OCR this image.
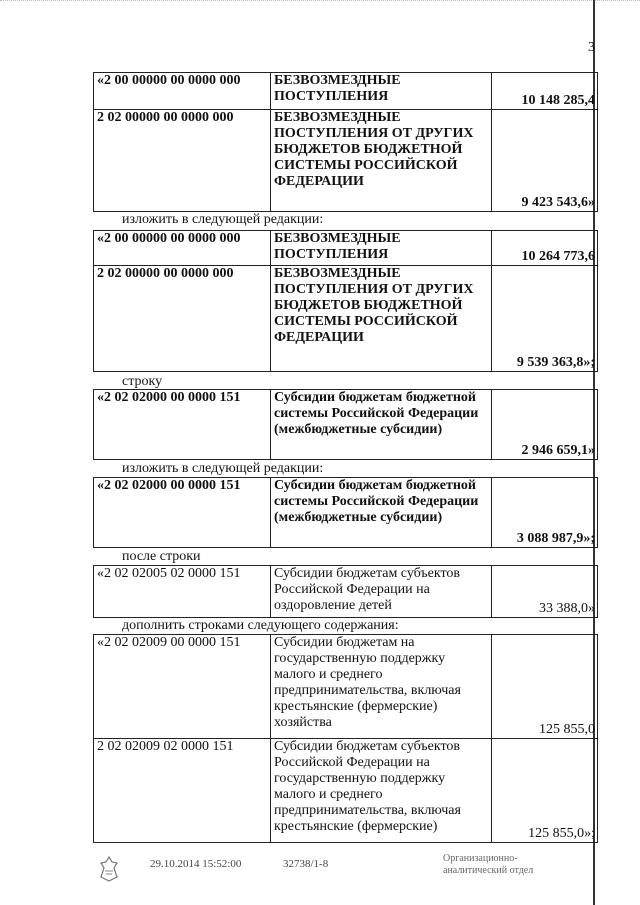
3
«2 00 00000 00 0000 000	БЕЗВОЗМЕЗДНЫЕ ПОСТУПЛЕНИЯ	10 148 285,4
2 02 00000 00 0000 000	БЕЗВОЗМЕЗДНЫЕ ПОСТУПЛЕНИЯ ОТ ДРУГИХ БЮДЖЕТОВ БЮДЖЕТНОЙ СИСТЕМЫ РОССИЙСКОЙ ФЕДЕРАЦИИ	9 423 543,6»
изложить в следующей редакции:
«2 00 00000 00 0000 000	БЕЗВОЗМЕЗДНЫЕ ПОСТУПЛЕНИЯ	10 264 773,6
2 02 00000 00 0000 000	БЕЗВОЗМЕЗДНЫЕ ПОСТУПЛЕНИЯ ОТ ДРУГИХ БЮДЖЕТОВ БЮДЖЕТНОЙ СИСТЕМЫ РОССИЙСКОЙ ФЕДЕРАЦИИ	9 539 363,8»;
строку
«2 02 02000 00 0000 151	Субсидии бюджетам бюджетной системы Российской Федерации (межбюджетные субсидии)	2 946 659,1»
изложить в следующей редакции:
«2 02 02000 00 0000 151	Субсидии бюджетам бюджетной системы Российской Федерации (межбюджетные субсидии)	3 088 987,9»;
после строки
«2 02 02005 02 0000 151	Субсидии бюджетам субъектов Российской Федерации на оздоровление детей	33 388,0»
дополнить строками следующего содержания:
«2 02 02009 00 0000 151	Субсидии бюджетам на государственную поддержку малого и среднего предпринимательства, включая крестьянские (фермерские) хозяйства	125 855,0
2 02 02009 02 0000 151	Субсидии бюджетам субъектов Российской Федерации на государственную поддержку малого и среднего предпринимательства, включая крестьянские (фермерские)	125 855,0»;
29.10.2014 15:52:00	32738/1-8	Организационно-
аналитический отдел
